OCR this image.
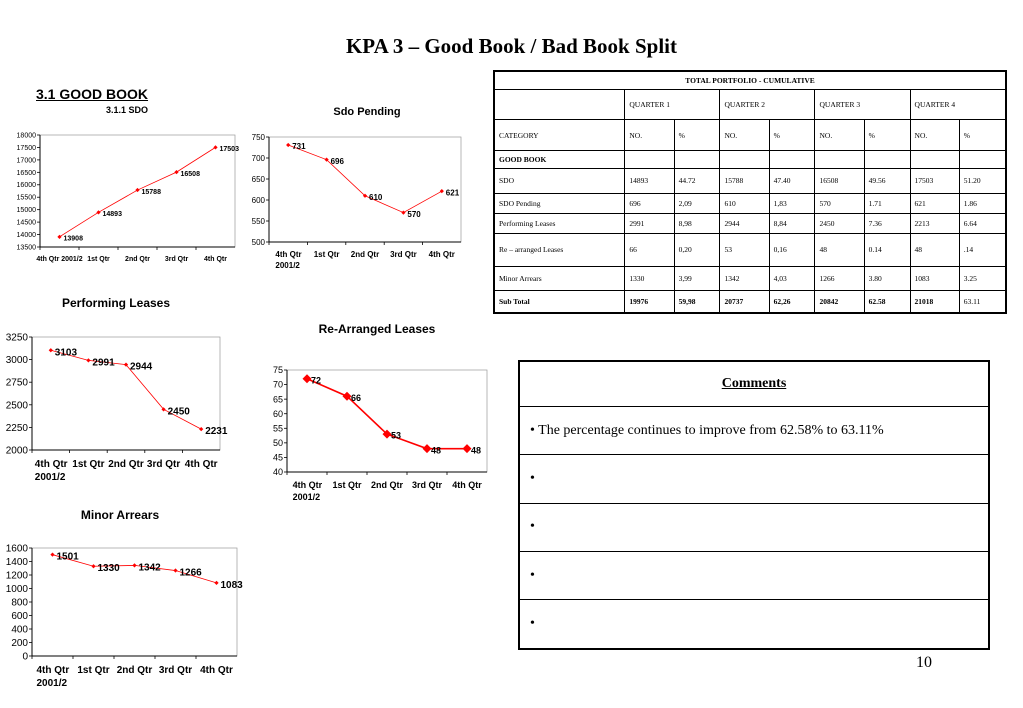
KPA 3 – Good Book / Bad Book Split
3.1 GOOD BOOK
3.1.1 SDO
13500
14000
14500
15000
15500
16000
16500
17000
17500
18000
4th Qtr 2001/2 1st Qtr 2nd Qtr 3rd Qtr 4th Qtr
13908
14893
15788
16508
17503
Sdo Pending
500
550
600
650
700
750
4th Qtr 2001/2
1st Qtr 2nd Qtr 3rd Qtr 4th Qtr
731
696
610
570
621
Performing Leases
2000
2250
2500
2750
3000
3250
4th Qtr 2001/2
1st Qtr 2nd Qtr 3rd Qtr 4th Qtr
3103
2991 2944
2450
2231
Re-Arranged Leases
40
45
50
55
60
65
70
75
4th Qtr 2001/2
1st Qtr 2nd Qtr 3rd Qtr 4th Qtr
72
66
53
48	48
Minor Arrears
0
200
400
600
800
1000
1200
1400
1600
4th Qtr 2001/2
1st Qtr 2nd Qtr 3rd Qtr 4th Qtr
1501
1330 1342 1266
1083
TOTAL PORTFOLIO - CUMULATIVE								
	QUARTER 1		QUARTER 2		QUARTER 3		QUARTER 4	
CATEGORY	NO.	%	NO.	%	NO.	%	NO.	%
GOOD BOOK								
SDO	14893	44.72	15788	47.40	16508	49.56	17503	51.20
SDO Pending	696	2,09	610	1,83	570	1.71	621	1.86
Performing Leases	2991	8,98	2944	8,84	2450	7.36	2213	6.64
Re – arranged Leases	66	0,20	53	0,16	48	0.14	48	.14
Minor Arrears	1330	3,99	1342	4,03	1266	3.80	1083	3.25
Sub Total	19976	59,98	20737	62,26	20842	62.58	21018	63.11
Comments
• The percentage continues to improve from 62.58% to 63.11%
•
•
•
•
10
